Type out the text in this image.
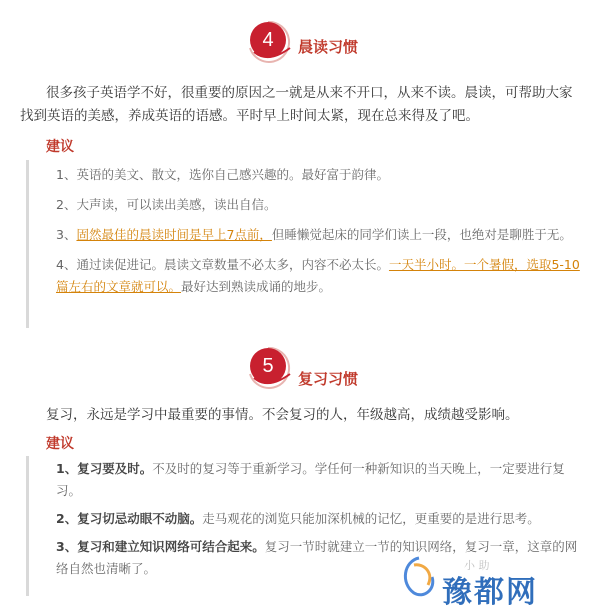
4	晨读习惯
很多孩子英语学不好，很重要的原因之一就是从来不开口，从来不读。晨读，可帮助大家找到英语的美感，养成英语的语感。平时早上时间太紧，现在总来得及了吧。
建议
1、英语的美文、散文，选你自己感兴趣的。最好富于韵律。
2、大声读，可以读出美感，读出自信。
3、固然最佳的晨读时间是早上7点前，但睡懒觉起床的同学们读上一段，也绝对是聊胜于无。
4、通过读促进记。晨读文章数量不必太多，内容不必太长。一天半小时。一个暑假，选取5-10篇左右的文章就可以。最好达到熟读成诵的地步。
5
复习习惯
复习，永远是学习中最重要的事情。不会复习的人，年级越高，成绩越受影响。
建议
1、复习要及时。不及时的复习等于重新学习。学任何一种新知识的当天晚上，一定要进行复习。
2、复习切忌动眼不动脑。走马观花的浏览只能加深机械的记忆，更重要的是进行思考。
3、复习和建立知识网络可结合起来。复习一节时就建立一节的知识网络，复习一章，这章的网络自然也清晰了。	小 助
豫都网
